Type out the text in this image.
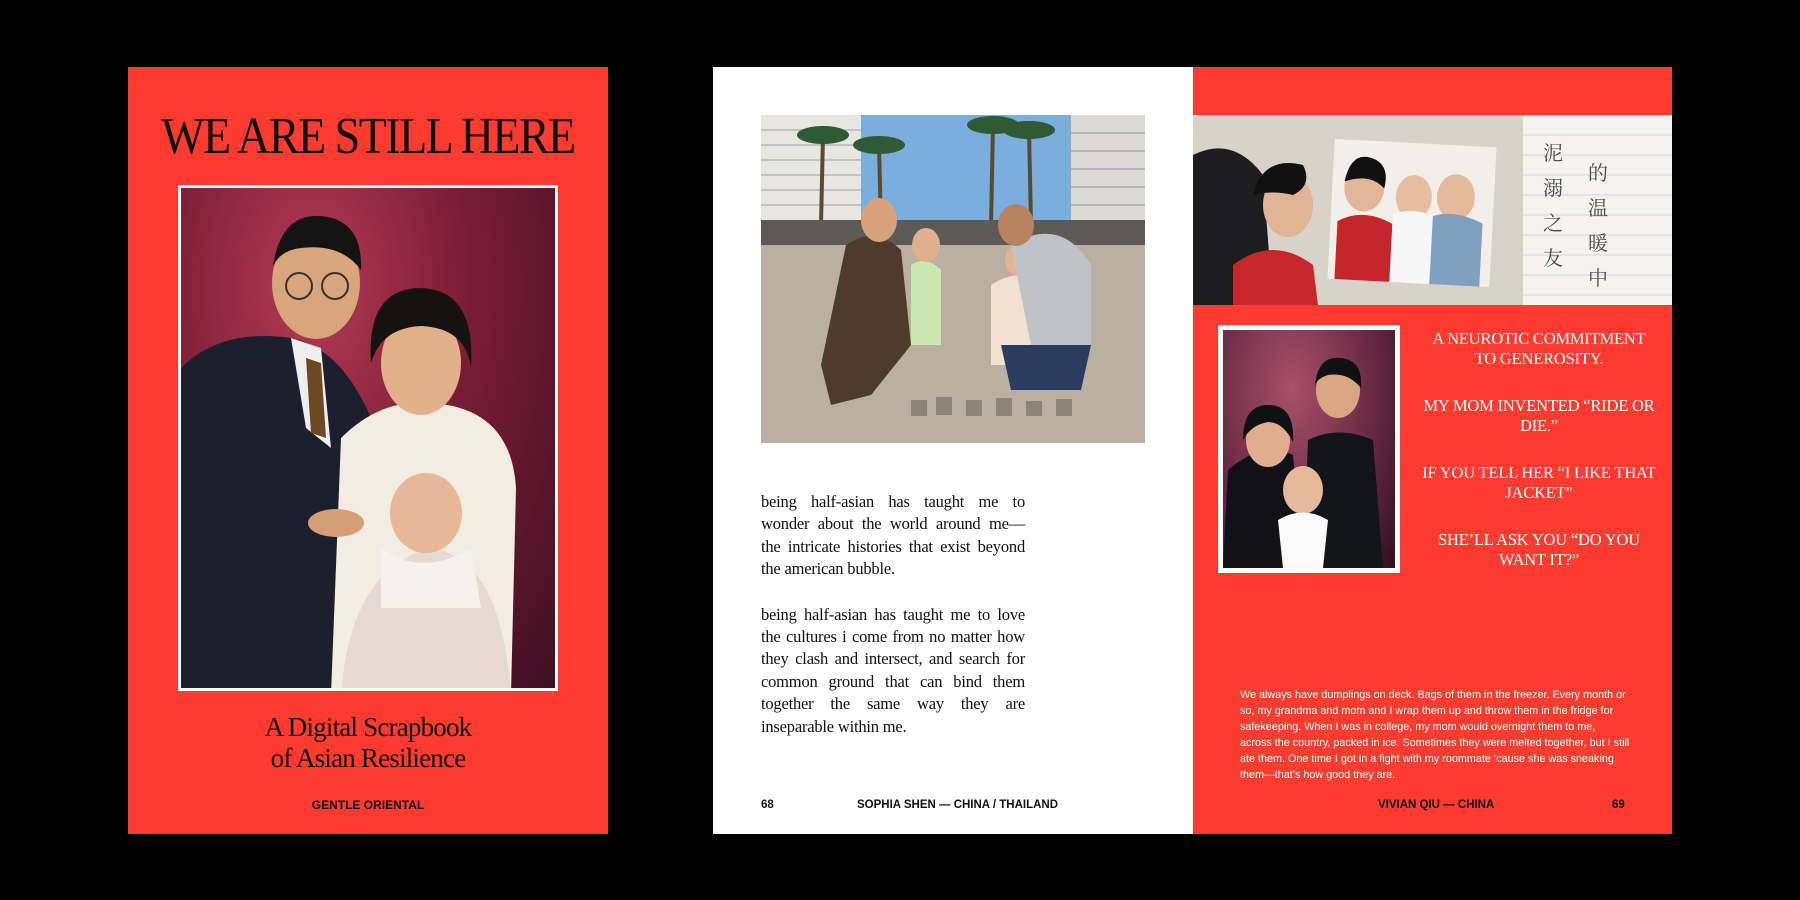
WE ARE STILL HERE
A Digital Scrapbook
of Asian Resilience
GENTLE ORIENTAL

being half-asian has taught me to wonder about the world around me— the intricate histories that exist beyond the american bubble.

being half-asian has taught me to love the cultures i come from no matter how they clash and intersect, and search for common ground that can bind them together the same way they are inseparable within me.

68	SOPHIA SHEN — CHINA / THAILAND
泥
溺
之
友
的
温
暖
中
A NEUROTIC COMMITMENT TO GENEROSITY.
MY MOM INVENTED “RIDE OR DIE.”
IF YOU TELL HER “I LIKE THAT JACKET”
SHE’LL ASK YOU “DO YOU WANT IT?”
We always have dumplings on deck. Bags of them in the freezer. Every month or so, my grandma and mom and I wrap them up and throw them in the fridge for safekeeping. When I was in college, my mom would overnight them to me, across the country, packed in ice. Sometimes they were melted together, but I still ate them. One time I got in a fight with my roommate ‘cause she was sneaking them—that’s how good they are.
VIVIAN QIU — CHINA	69
